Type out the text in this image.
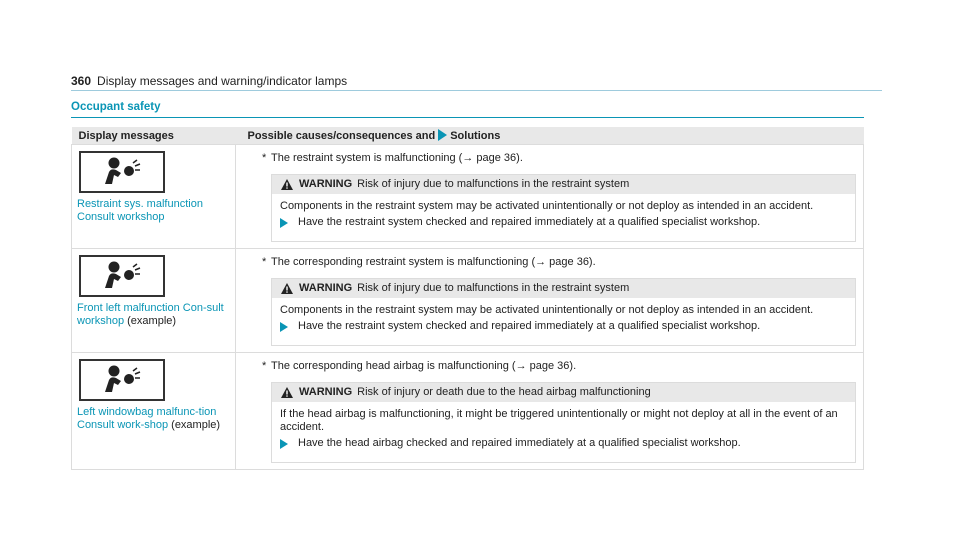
360 Display messages and warning/indicator lamps
Occupant safety
Display messages	Possible causes/consequences and Solutions

Restraint sys. malfunction Consult workshop	* The restraint system is malfunctioning (→ page 36).
WARNING Risk of injury due to malfunctions in the restraint system
Components in the restraint system may be activated unintentionally or not deploy as intended in an accident.
Have the restraint system checked and repaired immediately at a qualified specialist workshop.

Front left malfunction Con-sult workshop (example)	* The corresponding restraint system is malfunctioning (→ page 36).
WARNING Risk of injury due to malfunctions in the restraint system
Components in the restraint system may be activated unintentionally or not deploy as intended in an accident.
Have the restraint system checked and repaired immediately at a qualified specialist workshop.

Left windowbag malfunc-tion Consult work-shop (example)	* The corresponding head airbag is malfunctioning (→ page 36).
WARNING Risk of injury or death due to the head airbag malfunctioning
If the head airbag is malfunctioning, it might be triggered unintentionally or might not deploy at all in the event of an accident.
Have the head airbag checked and repaired immediately at a qualified specialist workshop.
